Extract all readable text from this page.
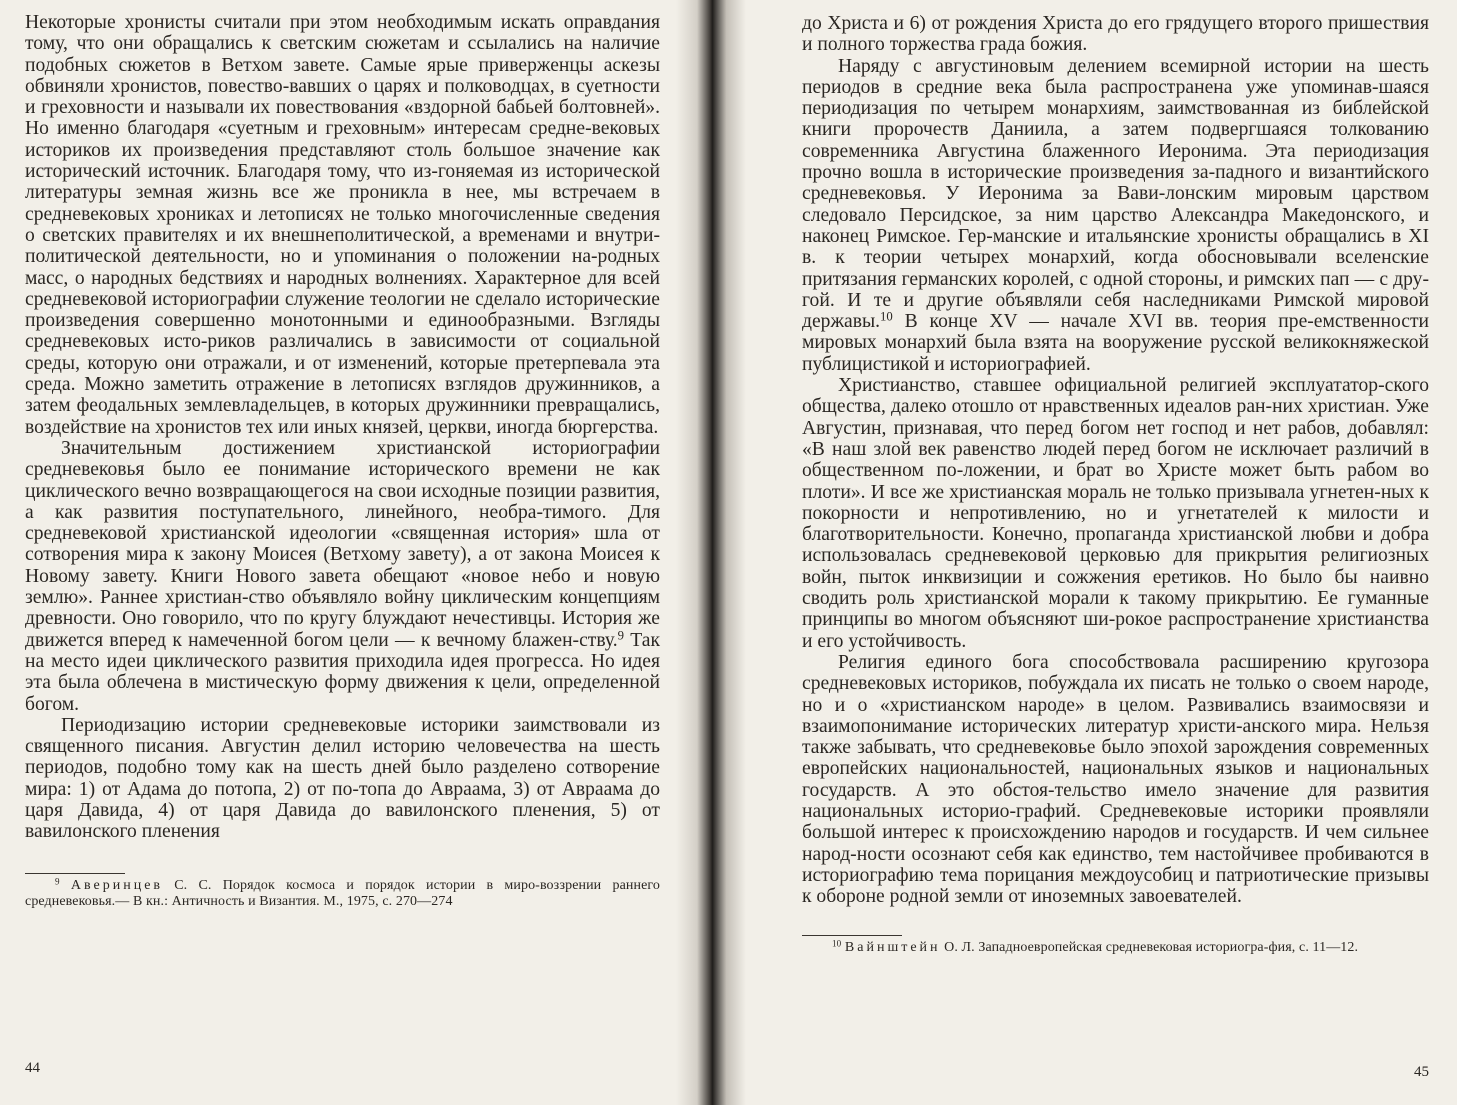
Некоторые хронисты считали при этом необходимым искать оправдания тому, что они обращались к светским сюжетам и ссылались на наличие подобных сюжетов в Ветхом завете. Самые ярые приверженцы аскезы обвиняли хронистов, повество-вавших о царях и полководцах, в суетности и греховности и называли их повествования «вздорной бабьей болтовней». Но именно благодаря «суетным и греховным» интересам средне-вековых историков их произведения представляют столь большое значение как исторический источник. Благодаря тому, что из-гоняемая из исторической литературы земная жизнь все же проникла в нее, мы встречаем в средневековых хрониках и летописях не только многочисленные сведения о светских правителях и их внешнеполитической, а временами и внутри-политической деятельности, но и упоминания о положении на-родных масс, о народных бедствиях и народных волнениях. Характерное для всей средневековой историографии служение теологии не сделало исторические произведения совершенно монотонными и единообразными. Взгляды средневековых исто-риков различались в зависимости от социальной среды, которую они отражали, и от изменений, которые претерпевала эта среда. Можно заметить отражение в летописях взглядов дружинников, а затем феодальных землевладельцев, в которых дружинники превращались, воздействие на хронистов тех или иных князей, церкви, иногда бюргерства.

Значительным достижением христианской историографии средневековья было ее понимание исторического времени не как циклического вечно возвращающегося на свои исходные позиции развития, а как развития поступательного, линейного, необра-тимого. Для средневековой христианской идеологии «священная история» шла от сотворения мира к закону Моисея (Ветхому завету), а от закона Моисея к Новому завету. Книги Нового завета обещают «новое небо и новую землю». Раннее христиан-ство объявляло войну циклическим концепциям древности. Оно говорило, что по кругу блуждают нечестивцы. История же движется вперед к намеченной богом цели — к вечному блажен-ству.$^9$ Так на место идеи циклического развития приходила идея прогресса. Но идея эта была облечена в мистическую форму движения к цели, определенной богом.

Периодизацию истории средневековые историки заимствовали из священного писания. Августин делил историю человечества на шесть периодов, подобно тому как на шесть дней было разделено сотворение мира: 1) от Адама до потопа, 2) от по-топа до Авраама, 3) от Авраама до царя Давида, 4) от царя Давида до вавилонского пленения, 5) от вавилонского пленения

$^9$ Аверинцев С. С. Порядок космоса и порядок истории в миро-воззрении раннего средневековья.— В кн.: Античность и Византия. М., 1975, с. 270—274

44

до Христа и 6) от рождения Христа до его грядущего второго пришествия и полного торжества града божия.

Наряду с августиновым делением всемирной истории на шесть периодов в средние века была распространена уже упоминав-шаяся периодизация по четырем монархиям, заимствованная из библейской книги пророчеств Даниила, а затем подвергшаяся толкованию современника Августина блаженного Иеронима. Эта периодизация прочно вошла в исторические произведения за-падного и византийского средневековья. У Иеронима за Вави-лонским мировым царством следовало Персидское, за ним царство Александра Македонского, и наконец Римское. Гер-манские и итальянские хронисты обращались в XI в. к теории четырех монархий, когда обосновывали вселенские притязания германских королей, с одной стороны, и римских пап — с дру-гой. И те и другие объявляли себя наследниками Римской мировой державы.$^{10}$ В конце XV — начале XVI вв. теория пре-емственности мировых монархий была взята на вооружение русской великокняжеской публицистикой и историографией.

Христианство, ставшее официальной религией эксплуататор-ского общества, далеко отошло от нравственных идеалов ран-них христиан. Уже Августин, признавая, что перед богом нет господ и нет рабов, добавлял: «В наш злой век равенство людей перед богом не исключает различий в общественном по-ложении, и брат во Христе может быть рабом во плоти». И все же христианская мораль не только призывала угнетен-ных к покорности и непротивлению, но и угнетателей к милости и благотворительности. Конечно, пропаганда христианской любви и добра использовалась средневековой церковью для прикрытия религиозных войн, пыток инквизиции и сожжения еретиков. Но было бы наивно сводить роль христианской морали к такому прикрытию. Ее гуманные принципы во многом объясняют ши-рокое распространение христианства и его устойчивость.

Религия единого бога способствовала расширению кругозора средневековых историков, побуждала их писать не только о своем народе, но и о «христианском народе» в целом. Развивались взаимосвязи и взаимопонимание исторических литератур христи-анского мира. Нельзя также забывать, что средневековье было эпохой зарождения современных европейских национальностей, национальных языков и национальных государств. А это обстоя-тельство имело значение для развития национальных историо-графий. Средневековые историки проявляли большой интерес к происхождению народов и государств. И чем сильнее народ-ности осознают себя как единство, тем настойчивее пробиваются в историографию тема порицания междоусобиц и патриотические призывы к обороне родной земли от иноземных завоевателей.

$^{10}$ Вайнштейн О. Л. Западноевропейская средневековая историогра-фия, с. 11—12.

45
